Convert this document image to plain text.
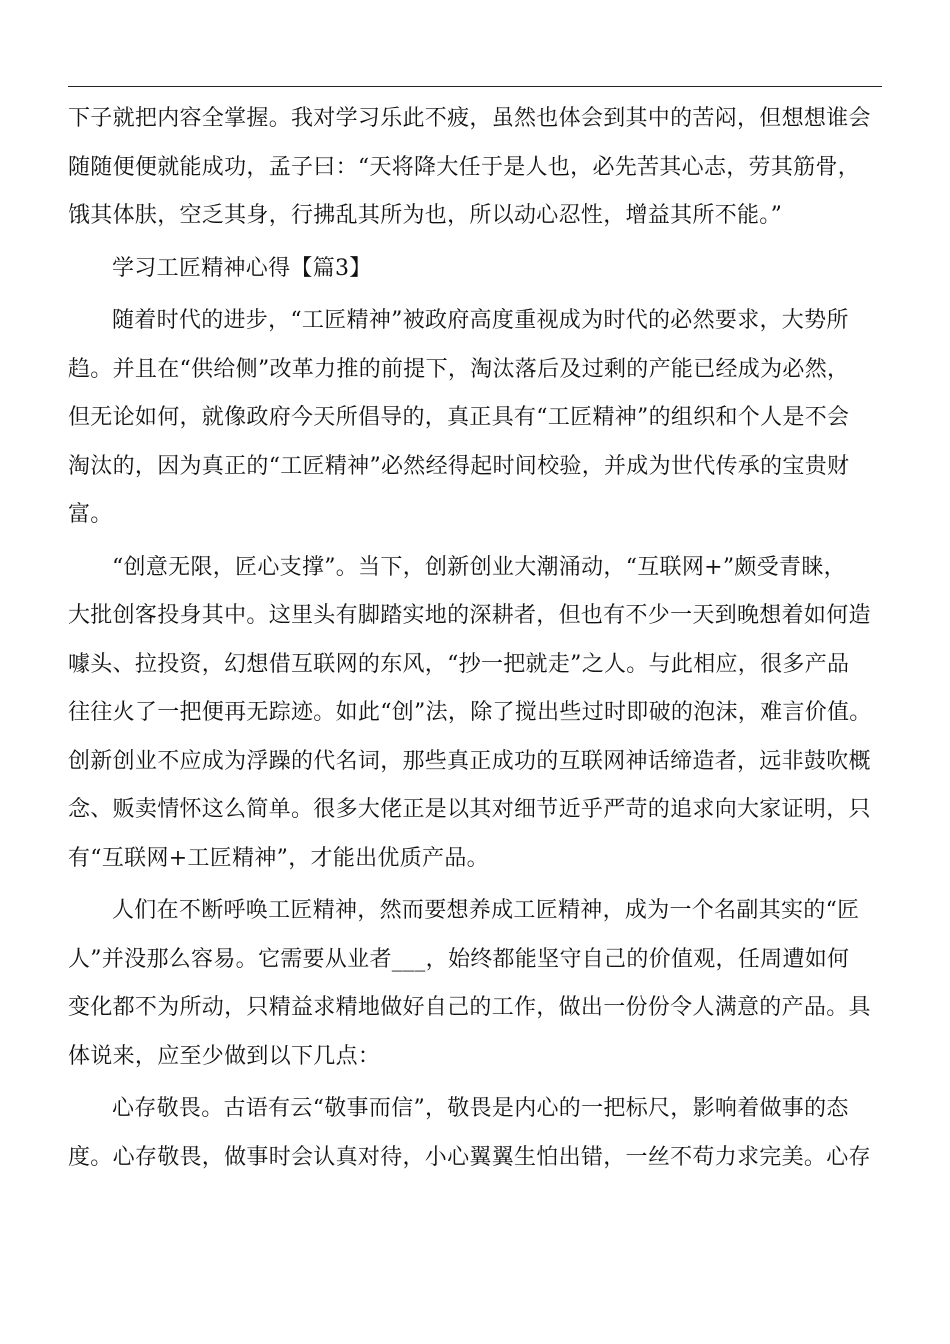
下子就把内容全掌握。我对学习乐此不疲，虽然也体会到其中的苦闷，但想想谁会
随随便便就能成功，孟子曰：“天将降大任于是人也，必先苦其心志，劳其筋骨，
饿其体肤，空乏其身，行拂乱其所为也，所以动心忍性，增益其所不能。”
学习工匠精神心得【篇3】
随着时代的进步，“工匠精神”被政府高度重视成为时代的必然要求，大势所
趋。并且在“供给侧”改革力推的前提下，淘汰落后及过剩的产能已经成为必然，
但无论如何，就像政府今天所倡导的，真正具有“工匠精神”的组织和个人是不会
淘汰的，因为真正的“工匠精神”必然经得起时间校验，并成为世代传承的宝贵财
富。
“创意无限，匠心支撑”。当下，创新创业大潮涌动，“互联网+”颇受青睐，
大批创客投身其中。这里头有脚踏实地的深耕者，但也有不少一天到晚想着如何造
噱头、拉投资，幻想借互联网的东风，“抄一把就走”之人。与此相应，很多产品
往往火了一把便再无踪迹。如此“创”法，除了搅出些过时即破的泡沫，难言价值。
创新创业不应成为浮躁的代名词，那些真正成功的互联网神话缔造者，远非鼓吹概
念、贩卖情怀这么简单。很多大佬正是以其对细节近乎严苛的追求向大家证明，只
有“互联网+工匠精神”，才能出优质产品。
人们在不断呼唤工匠精神，然而要想养成工匠精神，成为一个名副其实的“匠
人”并没那么容易。它需要从业者___，始终都能坚守自己的价值观，任周遭如何
变化都不为所动，只精益求精地做好自己的工作，做出一份份令人满意的产品。具
体说来，应至少做到以下几点：
心存敬畏。古语有云“敬事而信”，敬畏是内心的一把标尺，影响着做事的态
度。心存敬畏，做事时会认真对待，小心翼翼生怕出错，一丝不苟力求完美。心存
